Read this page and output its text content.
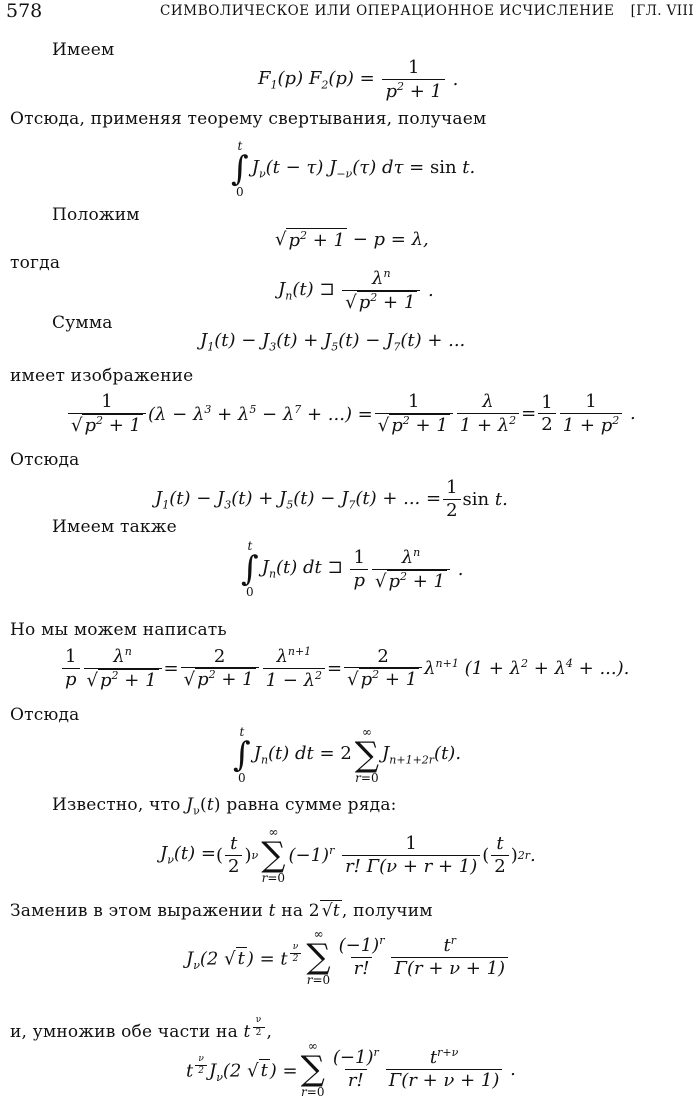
578	СИМВОЛИЧЕСКОЕ ИЛИ ОПЕРАЦИОННОЕ ИСЧИСЛЕНИЕ [ГЛ. VIII
Имеем
Отсюда, применяя теорему свертывания, получаем
Положим
тогда
Сумма
имеет изображение
Отсюда
Имеем также
Но мы можем написать
Отсюда
Известно, что $J_\nu(t)$ равна сумме ряда:
Заменив в этом выражении t на 2 √t , получим
и, умножив обе части на t $^{\frac{\nu}{2}}$ ,
$F_1(p) F_2(p) = \frac{1}{p^2 + 1}$ .
t
∫
0
$J_\nu(t - \tau)$ $J_{-\nu}(\tau) d\tau = \sin t$.
√ $p^2 + 1 - p = \lambda$,
$J_n(t)$ ⊐	$\lambda^n$
√ $p^2 + 1$
.
$J_1(t) - J_3(t) + J_5(t) - J_7(t)$ + ...
1
√ $p^2 + 1$
($\lambda - \lambda^3 + \lambda^5 - \lambda^7$ + ...) = $\frac{1}{√ p^2 + 1} \frac{\lambda}{1 + \lambda^2} = \frac{1}{2} 1$
$1 + p^2$ .
$J_1(t) - J_3(t) + J_5(t) - J_7(t)$ + ... = $\frac{1}{2}$ sin t.
t
∫
0
$J_n(t)$ dt ⊐ 1
p
$\lambda^n$
√ $p^2 + 1$
.
1
p $\frac{\lambda^n}{√ p^2 + 1} = \frac{2}{√ p^2 + 1} \frac{\lambda^{n+1}}{1 - \lambda^2} = \frac{2}{√ p^2 + 1} \lambda^{n+1}$ ($1 + \lambda^2 + \lambda^4$ + ...).
t
∫
0
$J_n(t)$ dt = 2
∞
∑
r=0
$J_{n+1+2r}(t)$.
$J_\nu(t)$ = (
t
2
) ν
∞
∑
r=0
$(-1)^r$	1
r! Γ(ν + r + 1)
(
t
2
) 2r .
$J_\nu(2$ √ t ) = t $^{\frac{\nu}{2}}$
∞
∑
r=0
$(-1)^r$
r!
$t^r$
Γ(r + ν + 1)
t $^{\frac{\nu}{2}}$ $J_\nu(2$ √ t ) =
∞
∑
r=0
$(-1)^r$
r!
$t^{r+\nu}$
Γ(r + ν + 1)
.
